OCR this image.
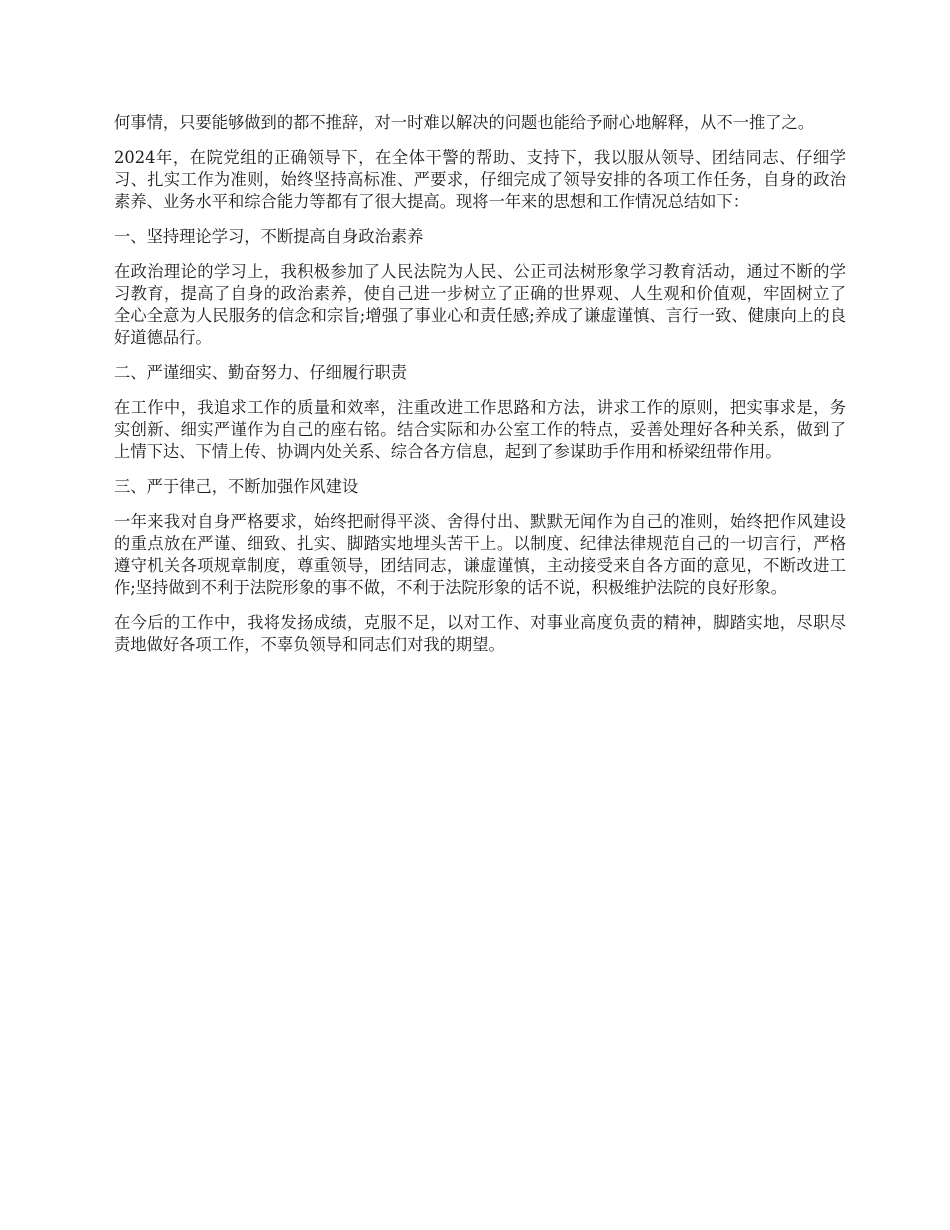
何事情，只要能够做到的都不推辞，对一时难以解决的问题也能给予耐心地解释，从不一推了之。

2024年，在院党组的正确领导下，在全体干警的帮助、支持下，我以服从领导、团结同志、仔细学习、扎实工作为准则，始终坚持高标准、严要求，仔细完成了领导安排的各项工作任务，自身的政治素养、业务水平和综合能力等都有了很大提高。现将一年来的思想和工作情况总结如下：

一、坚持理论学习，不断提高自身政治素养

在政治理论的学习上，我积极参加了人民法院为人民、公正司法树形象学习教育活动，通过不断的学习教育，提高了自身的政治素养，使自己进一步树立了正确的世界观、人生观和价值观，牢固树立了全心全意为人民服务的信念和宗旨;增强了事业心和责任感;养成了谦虚谨慎、言行一致、健康向上的良好道德品行。

二、严谨细实、勤奋努力、仔细履行职责

在工作中，我追求工作的质量和效率，注重改进工作思路和方法，讲求工作的原则，把实事求是，务实创新、细实严谨作为自己的座右铭。结合实际和办公室工作的特点，妥善处理好各种关系，做到了上情下达、下情上传、协调内处关系、综合各方信息，起到了参谋助手作用和桥梁纽带作用。

三、严于律己，不断加强作风建设

一年来我对自身严格要求，始终把耐得平淡、舍得付出、默默无闻作为自己的准则，始终把作风建设的重点放在严谨、细致、扎实、脚踏实地埋头苦干上。以制度、纪律法律规范自己的一切言行，严格遵守机关各项规章制度，尊重领导，团结同志，谦虚谨慎，主动接受来自各方面的意见，不断改进工作;坚持做到不利于法院形象的事不做，不利于法院形象的话不说，积极维护法院的良好形象。

在今后的工作中，我将发扬成绩，克服不足，以对工作、对事业高度负责的精神，脚踏实地，尽职尽责地做好各项工作，不辜负领导和同志们对我的期望。
